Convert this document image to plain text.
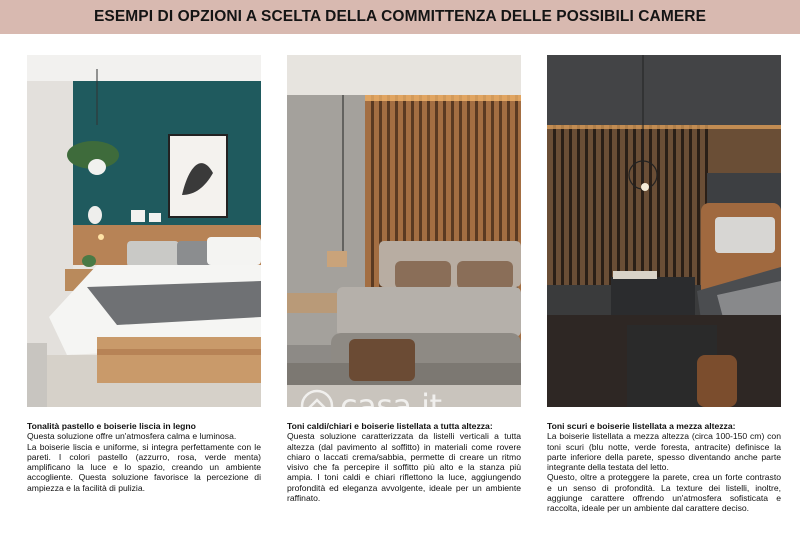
ESEMPI DI OPZIONI A SCELTA DELLA COMMITTENZA DELLE POSSIBILI CAMERE
casa.it
Tonalità pastello e boiserie liscia in legno
Questa soluzione offre un'atmosfera calma e luminosa.
La boiserie liscia e uniforme, si integra perfettamente con le pareti. I colori pastello (azzurro, rosa, verde menta) amplificano la luce e lo spazio, creando un ambiente accogliente. Questa soluzione favorisce la percezione di ampiezza e la facilità di pulizia.
Toni caldi/chiari e boiserie listellata a tutta altezza:
Questa soluzione caratterizzata da listelli verticali a tutta altezza (dal pavimento al soffitto) in materiali come rovere chiaro o laccati crema/sabbia, permette di creare un ritmo visivo che fa percepire il soffitto più alto e la stanza più ampia. I toni caldi e chiari riflettono la luce, aggiungendo profondità ed eleganza avvolgente, ideale per un ambiente raffinato.
Toni scuri e boiserie listellata a mezza altezza:
La boiserie listellata a mezza altezza (circa 100-150 cm) con toni scuri (blu notte, verde foresta, antracite) definisce la parte inferiore della parete, spesso diventando anche parte integrante della testata del letto.
Questo, oltre a proteggere la parete, crea un forte contrasto e un senso di profondità. La texture dei listelli, inoltre, aggiunge carattere offrendo un'atmosfera sofisticata e raccolta, ideale per un ambiente dal carattere deciso.
